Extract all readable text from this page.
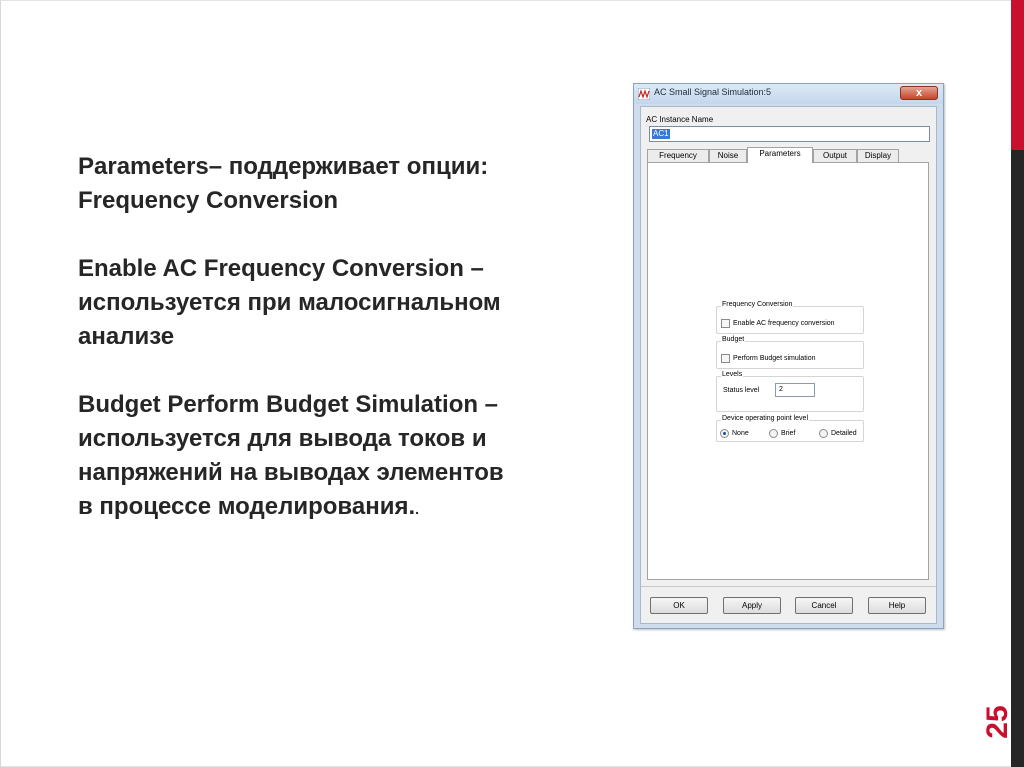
25

Parameters– поддерживает опции:
Frequency Conversion

Enable AC Frequency Conversion –
используется при малосигнальном
анализе

Budget Perform Budget Simulation –
используется для вывода токов и
напряжений на выводах элементов
в процессе моделирования..

AC Small Signal Simulation:5	x
AC Instance Name
AC1
Frequency	Noise	Parameters	Output	Display
Frequency Conversion
Enable AC frequency conversion
Budget
Perform Budget simulation
Levels
Status level	2
Device operating point level
None	Brief	Detailed
OK	Apply	Cancel	Help
